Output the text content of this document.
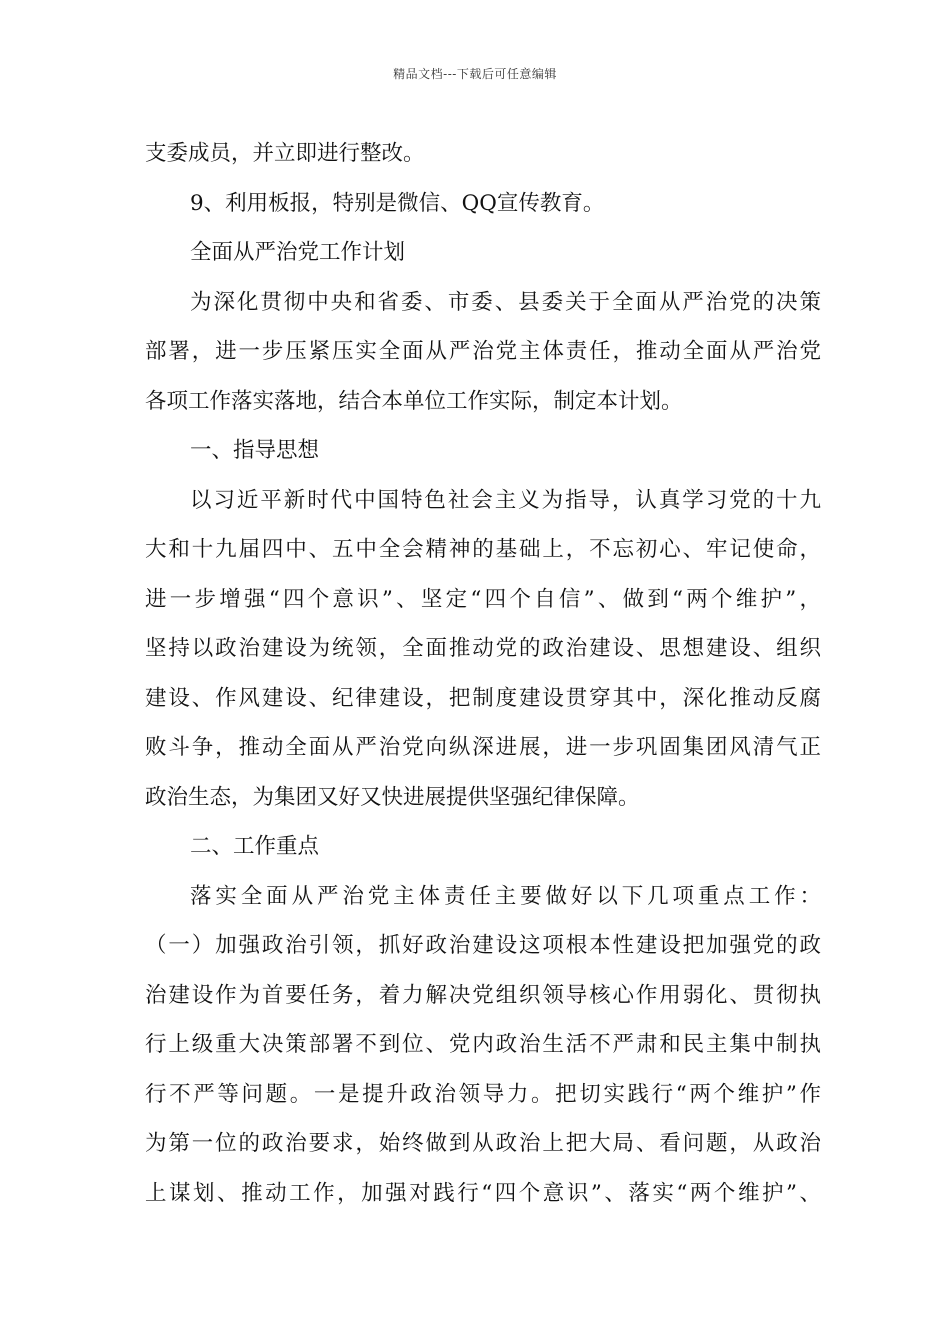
精品文档---下载后可任意编辑
支委成员，并立即进行整改。
9、利用板报，特别是微信、QQ宣传教育。
全面从严治党工作计划
为深化贯彻中央和省委、市委、县委关于全面从严治党的决策
部署，进一步压紧压实全面从严治党主体责任，推动全面从严治党
各项工作落实落地，结合本单位工作实际，制定本计划。
一、指导思想
以习近平新时代中国特色社会主义为指导，认真学习党的十九
大和十九届四中、五中全会精神的基础上，不忘初心、牢记使命，
进一步增强“四个意识”、坚定“四个自信”、做到“两个维护”，
坚持以政治建设为统领，全面推动党的政治建设、思想建设、组织
建设、作风建设、纪律建设，把制度建设贯穿其中，深化推动反腐
败斗争，推动全面从严治党向纵深进展，进一步巩固集团风清气正
政治生态，为集团又好又快进展提供坚强纪律保障。
二、工作重点
落实全面从严治党主体责任主要做好以下几项重点工作：
（一）加强政治引领，抓好政治建设这项根本性建设把加强党的政
治建设作为首要任务，着力解决党组织领导核心作用弱化、贯彻执
行上级重大决策部署不到位、党内政治生活不严肃和民主集中制执
行不严等问题。一是提升政治领导力。把切实践行“两个维护”作
为第一位的政治要求，始终做到从政治上把大局、看问题，从政治
上谋划、推动工作，加强对践行“四个意识”、落实“两个维护”、
